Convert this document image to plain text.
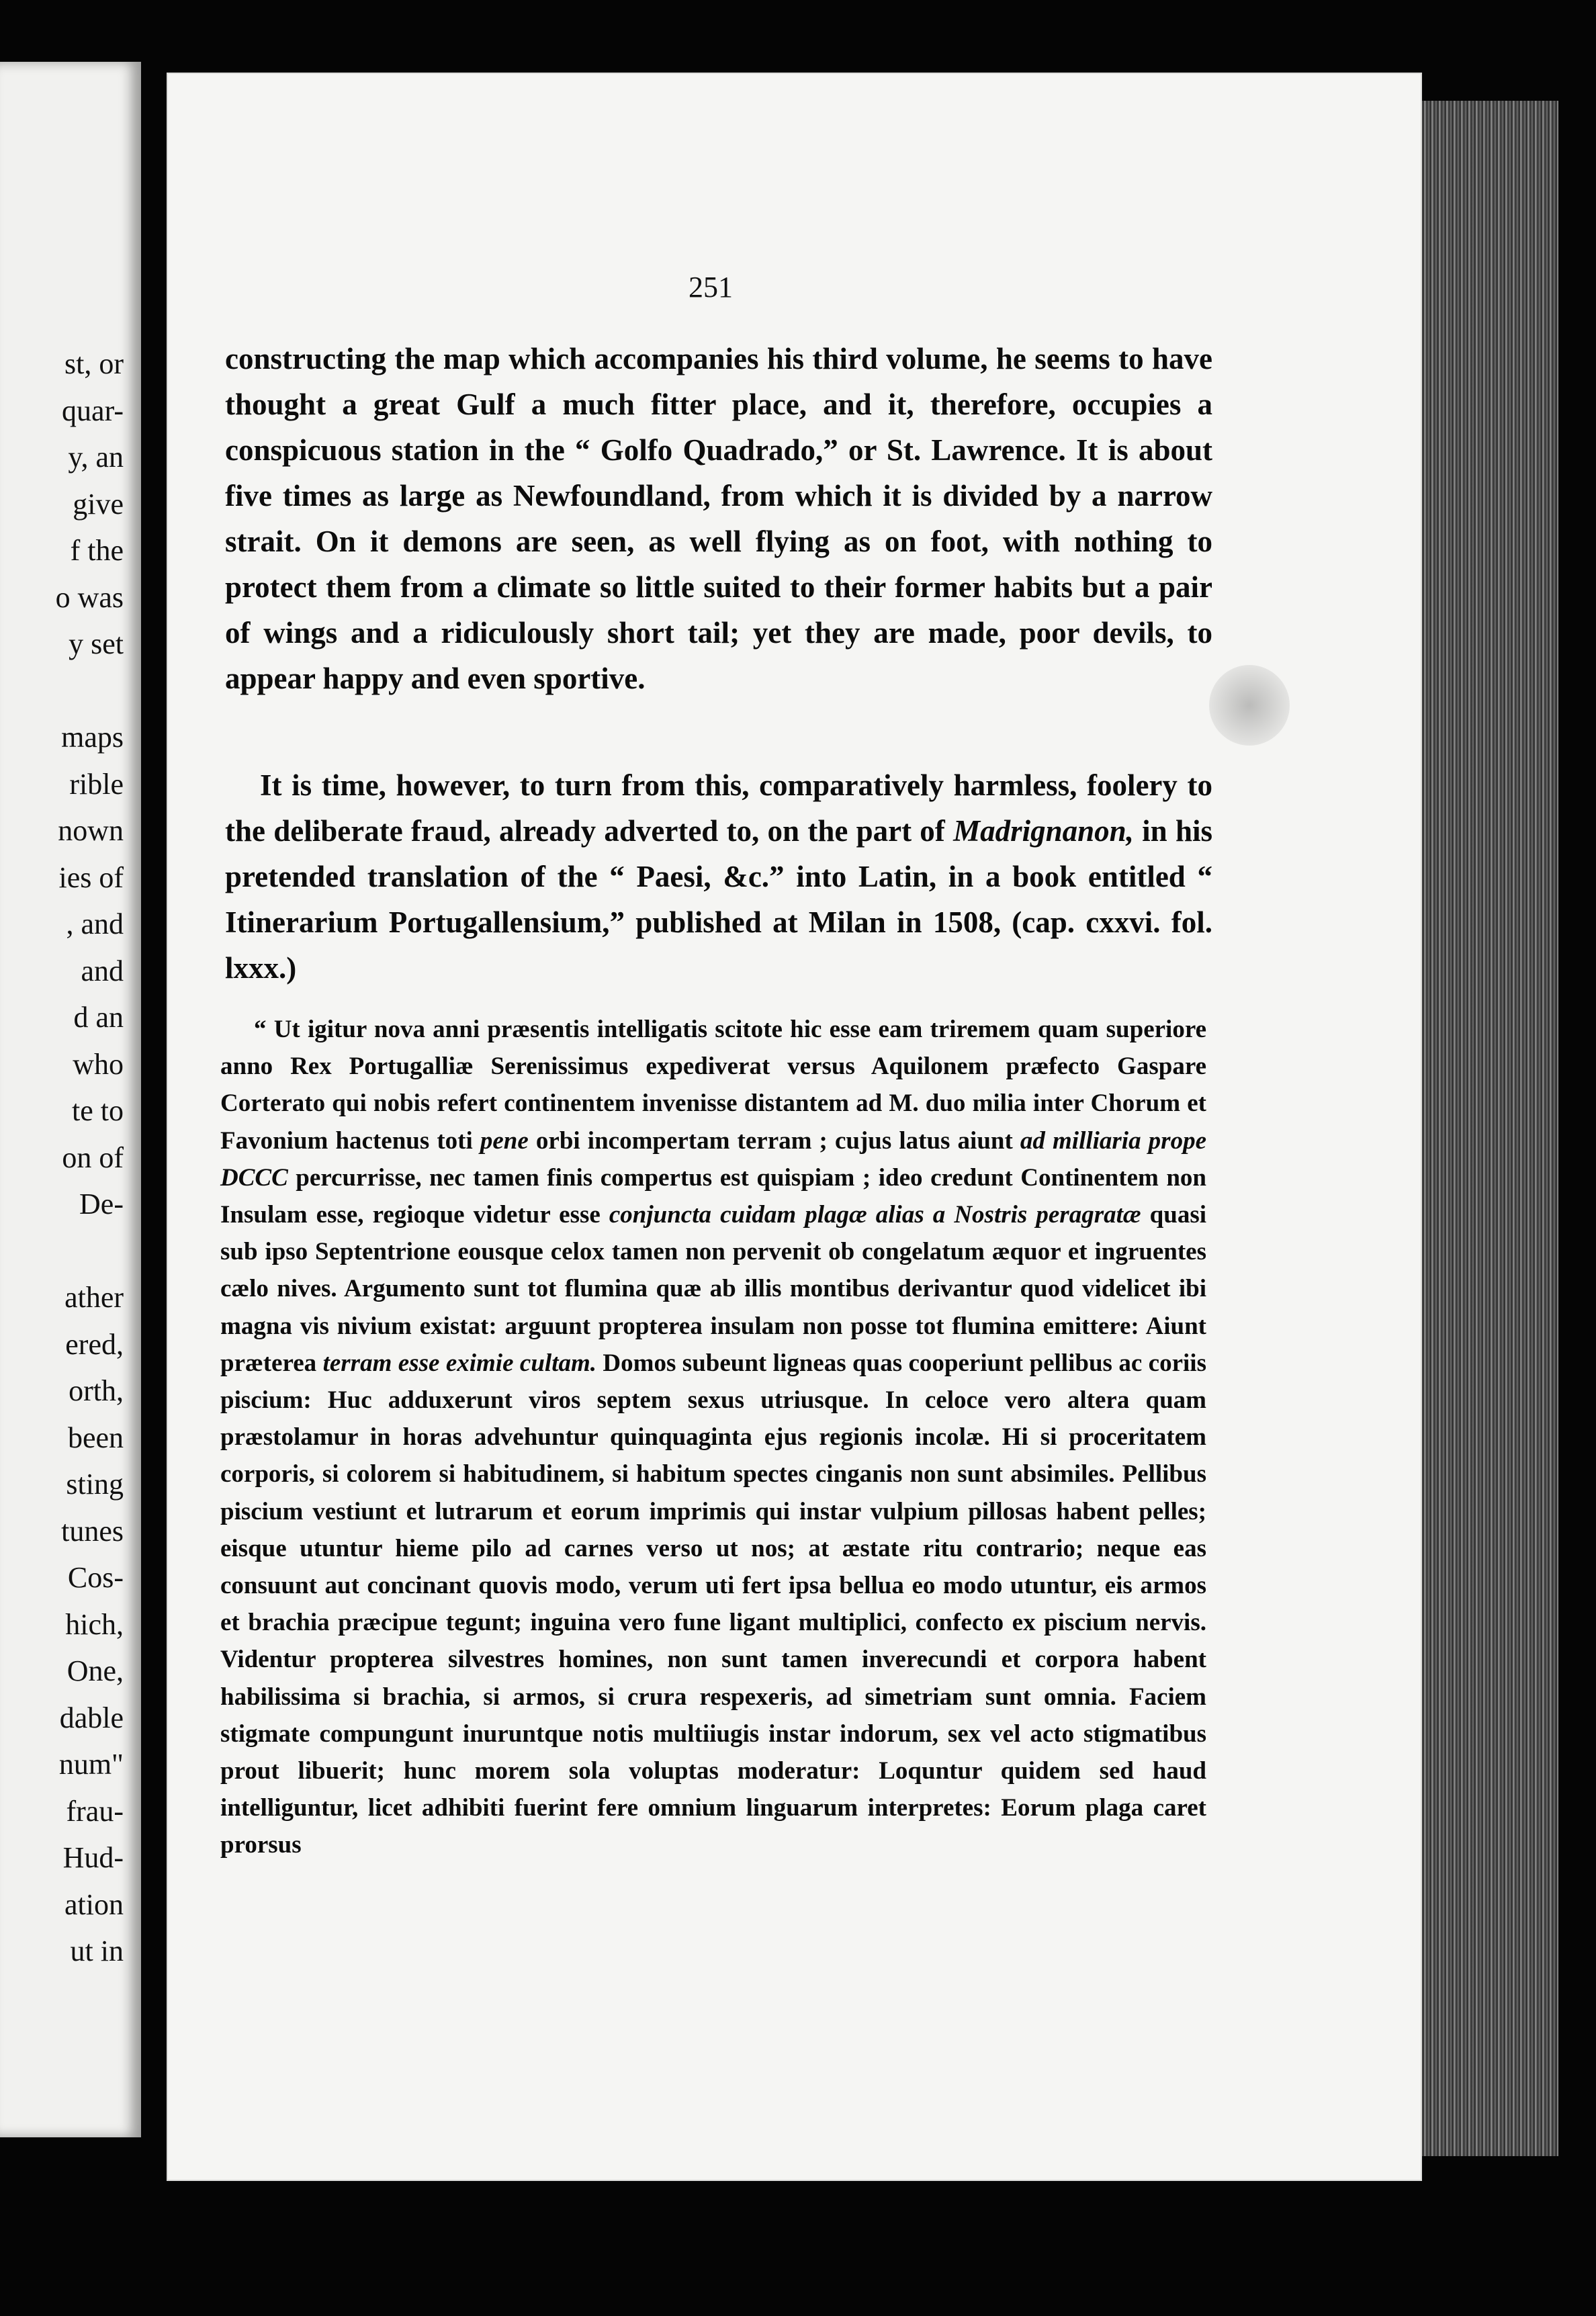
st, or
quar-
y, an
give
f the
o was
y set
maps
rible
nown
ies of
, and
and
d an
who
te to
on of
De-
ather
ered,
orth,
been
sting
tunes
Cos-
hich,
One,
dable
num"
frau-
Hud-
ation
ut in
251
constructing the map which accompanies his third volume, he seems to have thought a great Gulf a much fitter place, and it, therefore, occupies a conspicuous station in the “ Golfo Quadrado,” or St. Lawrence. It is about five times as large as Newfoundland, from which it is divided by a narrow strait. On it demons are seen, as well flying as on foot, with nothing to protect them from a climate so little suited to their former habits but a pair of wings and a ridiculously short tail; yet they are made, poor devils, to appear happy and even sportive.
It is time, however, to turn from this, comparatively harmless, foolery to the deliberate fraud, already adverted to, on the part of Madrignanon, in his pretended translation of the “ Paesi, &c.” into Latin, in a book entitled “ Itinerarium Portugallensium,” published at Milan in 1508, (cap. cxxvi. fol. lxxx.)
“ Ut igitur nova anni præsentis intelligatis scitote hic esse eam triremem quam superiore anno Rex Portugalliæ Serenissimus expediverat versus Aquilonem præfecto Gaspare Corterato qui nobis refert continentem invenisse distantem ad M. duo milia inter Chorum et Favonium hactenus toti pene orbi incompertam terram ; cujus latus aiunt ad milliaria prope DCCC percurrisse, nec tamen finis compertus est quispiam ; ideo credunt Continentem non Insulam esse, regioque videtur esse conjuncta cuidam plagæ alias a Nostris peragratæ quasi sub ipso Septentrione eousque celox tamen non pervenit ob congelatum æquor et ingruentes cælo nives. Argumento sunt tot flumina quæ ab illis montibus derivantur quod videlicet ibi magna vis nivium existat: arguunt propterea insulam non posse tot flumina emittere: Aiunt præterea terram esse eximie cultam. Domos subeunt ligneas quas cooperiunt pellibus ac coriis piscium: Huc adduxerunt viros septem sexus utriusque. In celoce vero altera quam præstolamur in horas advehuntur quinquaginta ejus regionis incolæ. Hi si proceritatem corporis, si colorem si habitudinem, si habitum spectes cinganis non sunt absimiles. Pellibus piscium vestiunt et lutrarum et eorum imprimis qui instar vulpium pillosas habent pelles; eisque utuntur hieme pilo ad carnes verso ut nos; at æstate ritu contrario; neque eas consuunt aut concinant quovis modo, verum uti fert ipsa bellua eo modo utuntur, eis armos et brachia præcipue tegunt; inguina vero fune ligant multiplici, confecto ex piscium nervis. Videntur propterea silvestres homines, non sunt tamen inverecundi et corpora habent habilissima si brachia, si armos, si crura respexeris, ad simetriam sunt omnia. Faciem stigmate compungunt inuruntque notis multiiugis instar indorum, sex vel acto stigmatibus prout libuerit; hunc morem sola voluptas moderatur: Loquntur quidem sed haud intelliguntur, licet adhibiti fuerint fere omnium linguarum interpretes: Eorum plaga caret prorsus
